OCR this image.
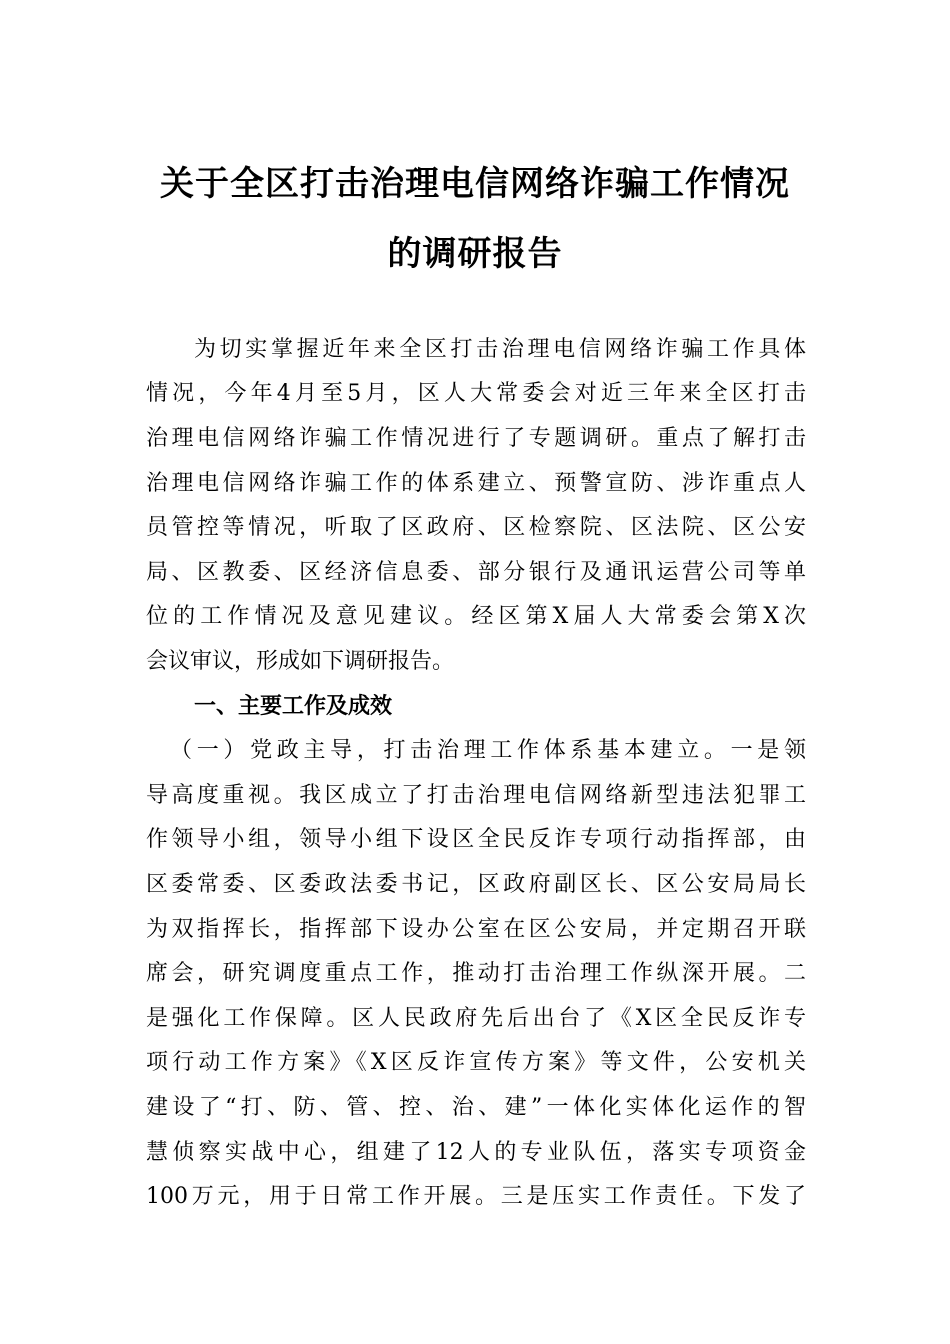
关于全区打击治理电信网络诈骗工作情况
的调研报告
为切实掌握近年来全区打击治理电信网络诈骗工作具体
情况，今年4月至5月，区人大常委会对近三年来全区打击
治理电信网络诈骗工作情况进行了专题调研。重点了解打击
治理电信网络诈骗工作的体系建立、预警宣防、涉诈重点人
员管控等情况，听取了区政府、区检察院、区法院、区公安
局、区教委、区经济信息委、部分银行及通讯运营公司等单
位的工作情况及意见建议。经区第X届人大常委会第X次
会议审议，形成如下调研报告。
一、主要工作及成效
（一）党政主导，打击治理工作体系基本建立。一是领
导高度重视。我区成立了打击治理电信网络新型违法犯罪工
作领导小组，领导小组下设区全民反诈专项行动指挥部，由
区委常委、区委政法委书记，区政府副区长、区公安局局长
为双指挥长，指挥部下设办公室在区公安局，并定期召开联
席会，研究调度重点工作，推动打击治理工作纵深开展。二
是强化工作保障。区人民政府先后出台了《X区全民反诈专
项行动工作方案》《X区反诈宣传方案》等文件，公安机关
建设了“打、防、管、控、治、建”一体化实体化运作的智
慧侦察实战中心，组建了12人的专业队伍，落实专项资金
100万元，用于日常工作开展。三是压实工作责任。下发了
